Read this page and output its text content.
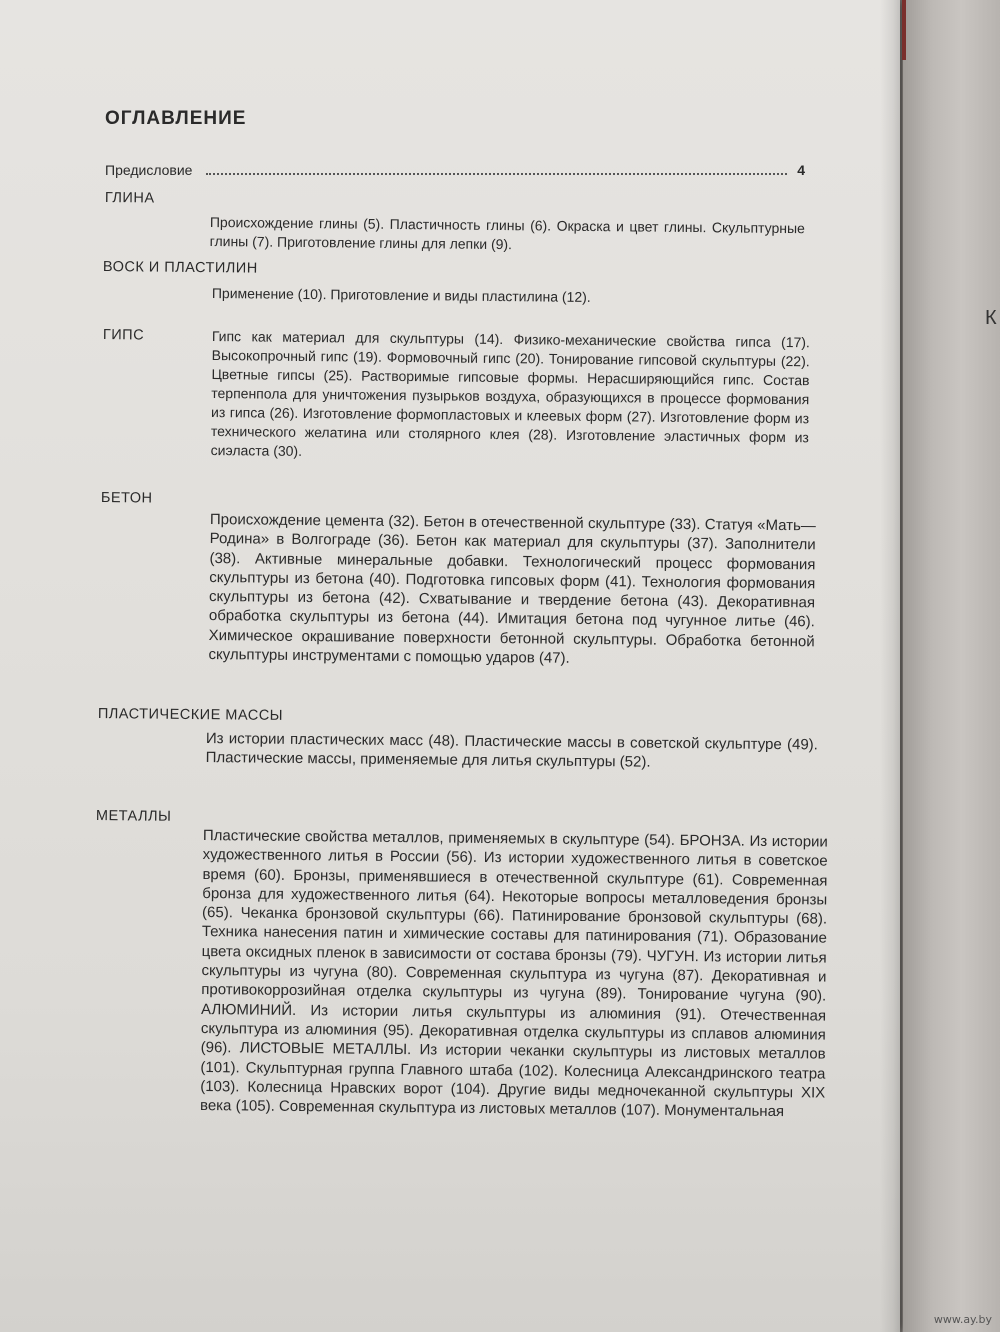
К
ОГЛАВЛЕНИЕ
Предисловие	4
ГЛИНА
Происхождение глины (5). Пластичность глины (6). Окраска и цвет глины. Скульптурные глины (7). Приготовление глины для лепки (9).
ВОСК И ПЛАСТИЛИН
Применение (10). Приготовление и виды пластилина (12).
ГИПС	Гипс как материал для скульптуры (14). Физико-механические свойства гипса (17). Высокопрочный гипс (19). Формовочный гипс (20). Тонирование гипсовой скульптуры (22). Цветные гипсы (25). Растворимые гипсовые формы. Нерасширяющийся гипс. Состав терпенпола для уничтожения пузырьков воздуха, образующихся в процессе формования из гипса (26). Изготовление формопластовых и клеевых форм (27). Изготовление форм из технического желатина или столярного клея (28). Изготовление эластичных форм из сиэласта (30).
БЕТОН
Происхождение цемента (32). Бетон в отечественной скульптуре (33). Статуя «Мать—Родина» в Волгограде (36). Бетон как материал для скульптуры (37). Заполнители (38). Активные минеральные добавки. Технологический процесс формования скульптуры из бетона (40). Подготовка гипсовых форм (41). Технология формования скульптуры из бетона (42). Схватывание и твердение бетона (43). Декоративная обработка скульптуры из бетона (44). Имитация бетона под чугунное литье (46). Химическое окрашивание поверхности бетонной скульптуры. Обработка бетонной скульптуры инструментами с помощью ударов (47).
ПЛАСТИЧЕСКИЕ МАССЫ
Из истории пластических масс (48). Пластические массы в советской скульптуре (49). Пластические массы, применяемые для литья скульптуры (52).
МЕТАЛЛЫ
Пластические свойства металлов, применяемых в скульптуре (54). БРОНЗА. Из истории художественного литья в России (56). Из истории художественного литья в советское время (60). Бронзы, применявшиеся в отечественной скульптуре (61). Современная бронза для художественного литья (64). Некоторые вопросы металловедения бронзы (65). Чеканка бронзовой скульптуры (66). Патинирование бронзовой скульптуры (68). Техника нанесения патин и химические составы для патинирования (71). Образование цвета оксидных пленок в зависимости от состава бронзы (79). ЧУГУН. Из истории литья скульптуры из чугуна (80). Современная скульптура из чугуна (87). Декоративная и противокоррозийная отделка скульптуры из чугуна (89). Тонирование чугуна (90). АЛЮМИНИЙ. Из истории литья скульптуры из алюминия (91). Отечественная скульптура из алюминия (95). Декоративная отделка скульптуры из сплавов алюминия (96). ЛИСТОВЫЕ МЕТАЛЛЫ. Из истории чеканки скульптуры из листовых металлов (101). Скульптурная группа Главного штаба (102). Колесница Александринского театра (103). Колесница Нравских ворот (104). Другие виды медночеканной скульптуры XIX века (105). Современная скульптура из листовых металлов (107). Монументальная
www.ay.by
